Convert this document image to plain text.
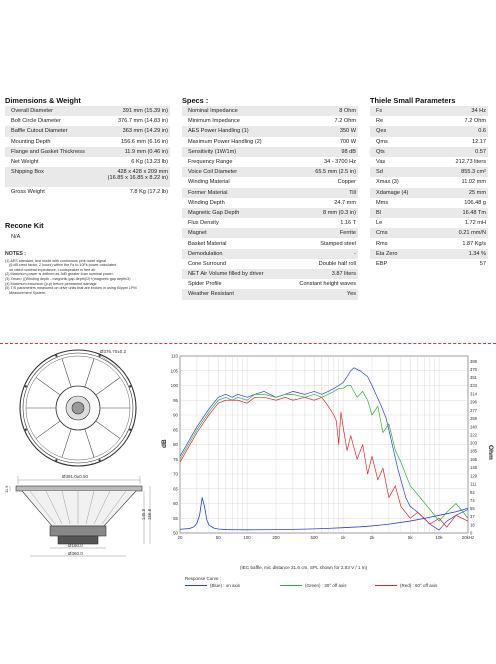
Dimensions & Weight
Overall Diameter	391 mm (15.39 in)
Bolt Circle Diameter	376.7 mm (14.83 in)
Baffle Cutout Diameter	363 mm (14.29 in)
Mounting Depth	156.6 mm (6.16 in)
Flange and Gasket Thickness	11.9 mm (0.46 in)
Net Weight	6 Kg (13.23 lb)
Shipping Box	428 x 428 x 209 mm
(16.85 x 16.85 x 8.22 in)
Gross Weight	7.8 Kg (17.2 lb)
Recone Kit
N/A
NOTES :
(1) AES standard, test mode with continuous pink noise signal
(6 dB crest factor, 2 hours) within the Fs to 10Fs power calculated
on rated nominal impedance, Loudspeaker in free air.
(2) Maximum power is defined as 3dB greater than nominal power.
(3) Xmax= ((Winding depth - magnetic gap depth)/2)+(magnetic gap depth/3)
(4) Maximum excursion (p-p) before permanent damage
(5) T/S parameters measured on drive units that are broken in using Klippel LPM
Measurement System.
Specs :
Nominal Impedance	8 Ohm
Minimum Impedance	7.2 Ohm
AES Power Handling (1)	350 W
Maximum Power Handling (2)	700 W
Sensitivity (1W/1m)	98 dB
Frequency Range	34 - 3700 Hz
Voice Coil Diameter	65.5 mm (2.5 in)
Winding Material	Copper
Former Material	Till
Winding Depth	24.7 mm
Magnetic Gap Depth	8 mm (0.3 in)
Flux Density	1.16 T
Magnet	Ferrite
Basket Material	Stamped steel
Demodulation	-
Cone Surround	Double half roll
NET Air Volume filled by driver	3.87 liters
Spider Profile	Constant height waves
Weather Resistant	Yes
Thiele Small Parameters
Fs	34 Hz
Re	7.2 Ohm
Qes	0.6
Qms	12.17
Qts	0.57
Vas	212.73 liters
Sd	855.3 cm²
Xmax (3)	11.02 mm
Xdamage (4)	25 mm
Mms	106.48 g
Bl	16.48 Tm
Le	1.72 mH
Cms	0.21 mm/N
Rms	1.87 Kg/s
Eta Zero	1.34 %
EBP	57
Ø376.70±0.2
Ø391.0±0.50
156.6
145.5
11.9
Ø180.0
Ø360.0
20	50	100	200	500	1k	2k	5k	10k	20kHz
50
55
60
65
70
75
80
85
90
95
100
105
110
0
18
37
55
74
92
111
129
148
166
185
203
222
240
259
277
296
314
333
351
370
388
dB
Ohm
(IEC baffle, mic distance 31.6 cm, SPL shown for 2.83 V / 1 m)
Response Curve :
(Blue) : on axis	(Green) : 30° off axis	(Red) : 60° off axis
